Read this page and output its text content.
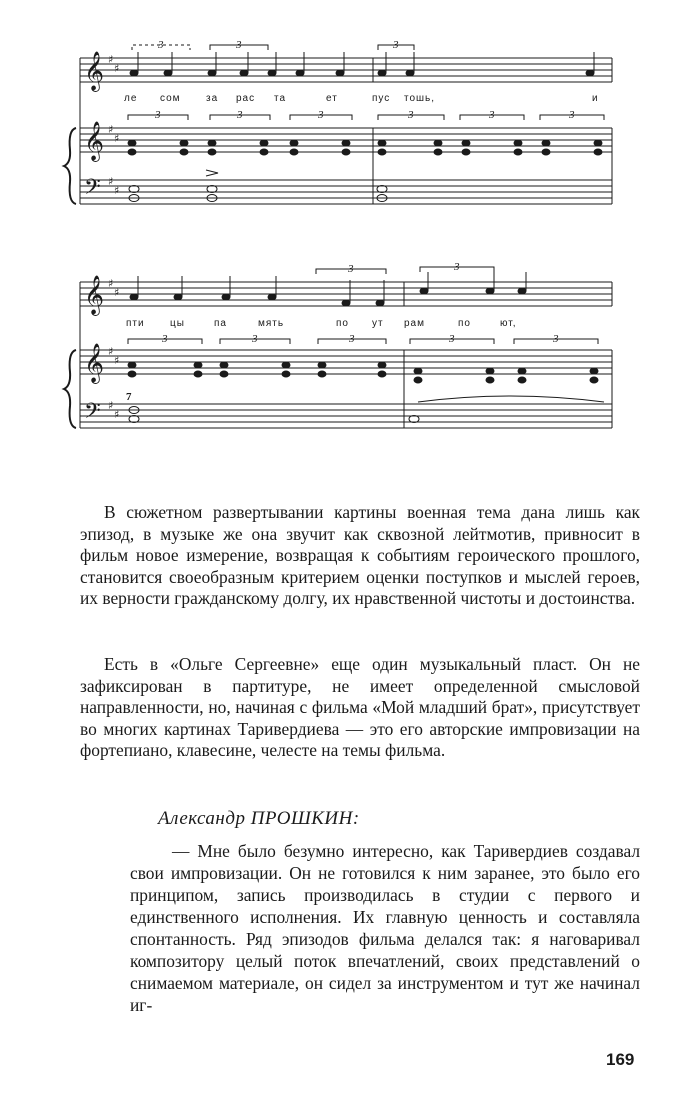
𝄞
𝄞
𝄢
𝄞
𝄞
𝄢
♯
♯
♯
♯
♯
♯
♯
♯
♯
♯
♯
♯
3	3	3
3	3	3	3	3	3
3	3
3	3	3	3	3
7
ле сом	за рас та	ет	пус тошь,	и
пти	цы	па	мять	по ут рам	по	ют,

В сюжетном развертывании картины военная тема дана лишь как эпизод, в музыке же она звучит как сквозной лейтмотив, привносит в фильм новое измерение, возвращая к событиям героического прошлого, становится своеобразным критерием оценки поступков и мыслей героев, их верности гражданскому долгу, их нравственной чистоты и достоинства.

Есть в «Ольге Сергеевне» еще один музыкальный пласт. Он не зафиксирован в партитуре, не имеет определенной смысловой направленности, но, начиная с фильма «Мой младший брат», присутствует во многих картинах Таривердиева — это его авторские импровизации на фортепиано, клавесине, челесте на темы фильма.

Александр ПРОШКИН:

— Мне было безумно интересно, как Таривердиев создавал свои импровизации. Он не готовился к ним заранее, это было его принципом, запись производилась в студии с первого и единственного исполнения. Их главную ценность и составляла спонтанность. Ряд эпизодов фильма делался так: я наговаривал композитору целый поток впечатлений, своих представлений о снимаемом материале, он сидел за инструментом и тут же начинал иг-

169
